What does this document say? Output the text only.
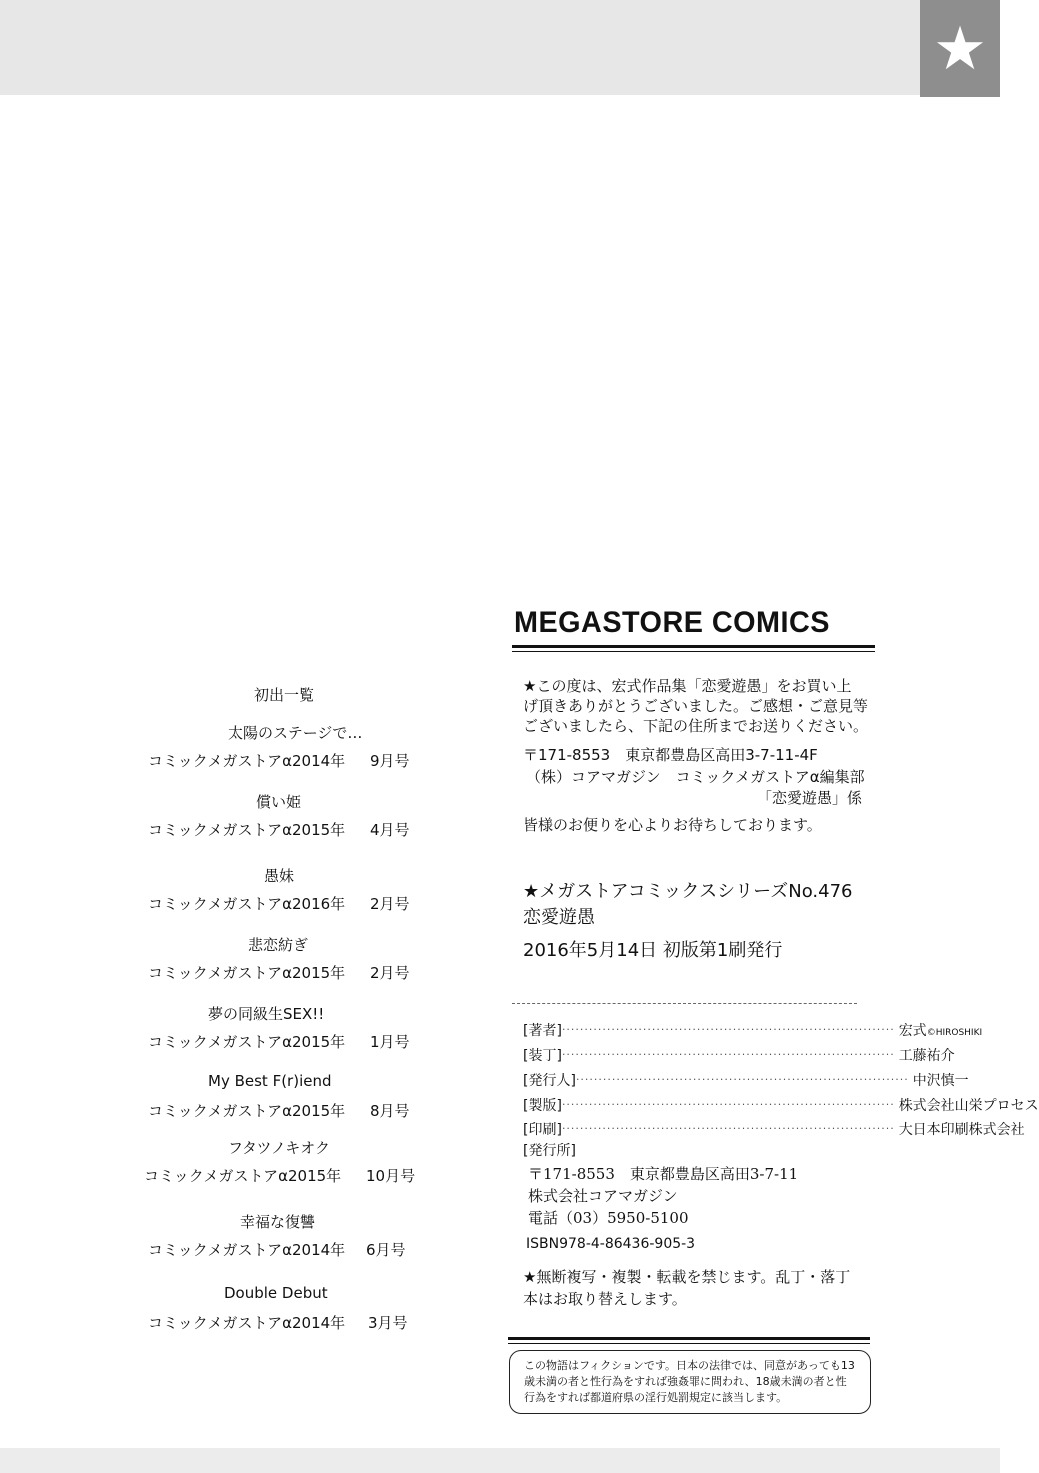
★
初出一覧
太陽のステージで…
コミックメガストアα2014年 9月号
償い姫
コミックメガストアα2015年 4月号
愚妹
コミックメガストアα2016年 2月号
悲恋紡ぎ
コミックメガストアα2015年 2月号
夢の同級生SEX!!
コミックメガストアα2015年 1月号
My Best F(r)iend
コミックメガストアα2015年 8月号
フタツノキオク
コミックメガストアα2015年 10月号
幸福な復讐
コミックメガストアα2014年 6月号
Double Debut
コミックメガストアα2014年 3月号
MEGASTORE COMICS
★この度は、宏式作品集「恋愛遊愚」をお買い上
げ頂きありがとうございました。ご感想・ご意見等
ございましたら、下記の住所までお送りください。
〒171-8553　東京都豊島区高田3-7-11-4F
（株）コアマガジン　コミックメガストアα編集部
「恋愛遊愚」係
皆様のお便りを心よりお待ちしております。
★メガストアコミックスシリーズNo.476
恋愛遊愚
2016年5月14日 初版第1刷発行
[著者] ·········································································· 宏式©HIROSHIKI
[装丁] ·········································································· 工藤祐介
[発行人] ·········································································· 中沢慎一
[製版] ·········································································· 株式会社山栄プロセス
[印刷] ·········································································· 大日本印刷株式会社
[発行所]
〒171-8553　東京都豊島区高田3-7-11
株式会社コアマガジン
電話（03）5950-5100
ISBN978-4-86436-905-3
★無断複写・複製・転載を禁じます。乱丁・落丁
本はお取り替えします。
この物語はフィクションです。日本の法律では、同意があっても13
歳未満の者と性行為をすれば強姦罪に問われ、18歳未満の者と性
行為をすれば都道府県の淫行処罰規定に該当します。
